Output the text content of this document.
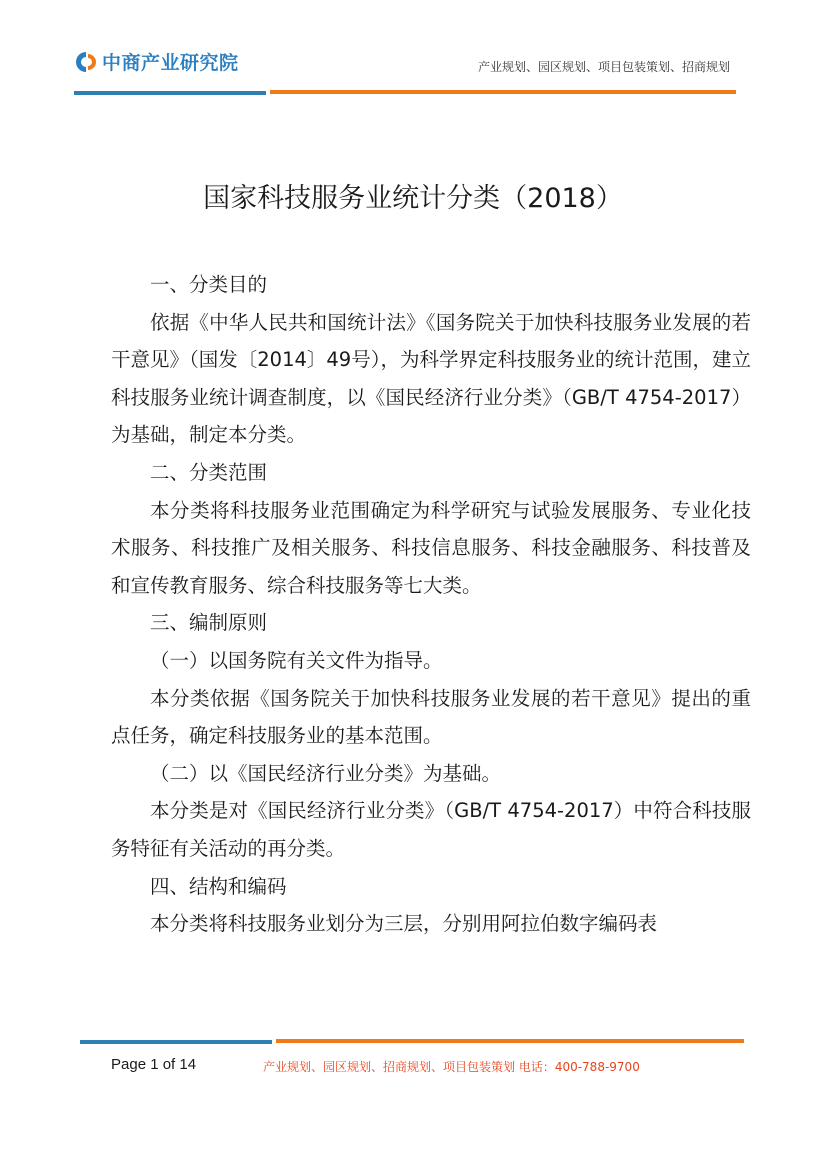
中商产业研究院	产业规划、园区规划、项目包装策划、招商规划
国家科技服务业统计分类（2018）

一、分类目的

依据《中华人民共和国统计法》《国务院关于加快科技服务业发展的若干意见》（国发〔2014〕49号），为科学界定科技服务业的统计范围，建立科技服务业统计调查制度，以《国民经济行业分类》（GB/T 4754-2017）为基础，制定本分类。

二、分类范围

本分类将科技服务业范围确定为科学研究与试验发展服务、专业化技术服务、科技推广及相关服务、科技信息服务、科技金融服务、科技普及和宣传教育服务、综合科技服务等七大类。

三、编制原则

（一）以国务院有关文件为指导。

本分类依据《国务院关于加快科技服务业发展的若干意见》提出的重点任务，确定科技服务业的基本范围。

（二）以《国民经济行业分类》为基础。

本分类是对《国民经济行业分类》（GB/T 4754-2017）中符合科技服务特征有关活动的再分类。

四、结构和编码

本分类将科技服务业划分为三层，分别用阿拉伯数字编码表

Page 1 of 14	产业规划、园区规划、招商规划、项目包装策划 电话：400-788-9700
